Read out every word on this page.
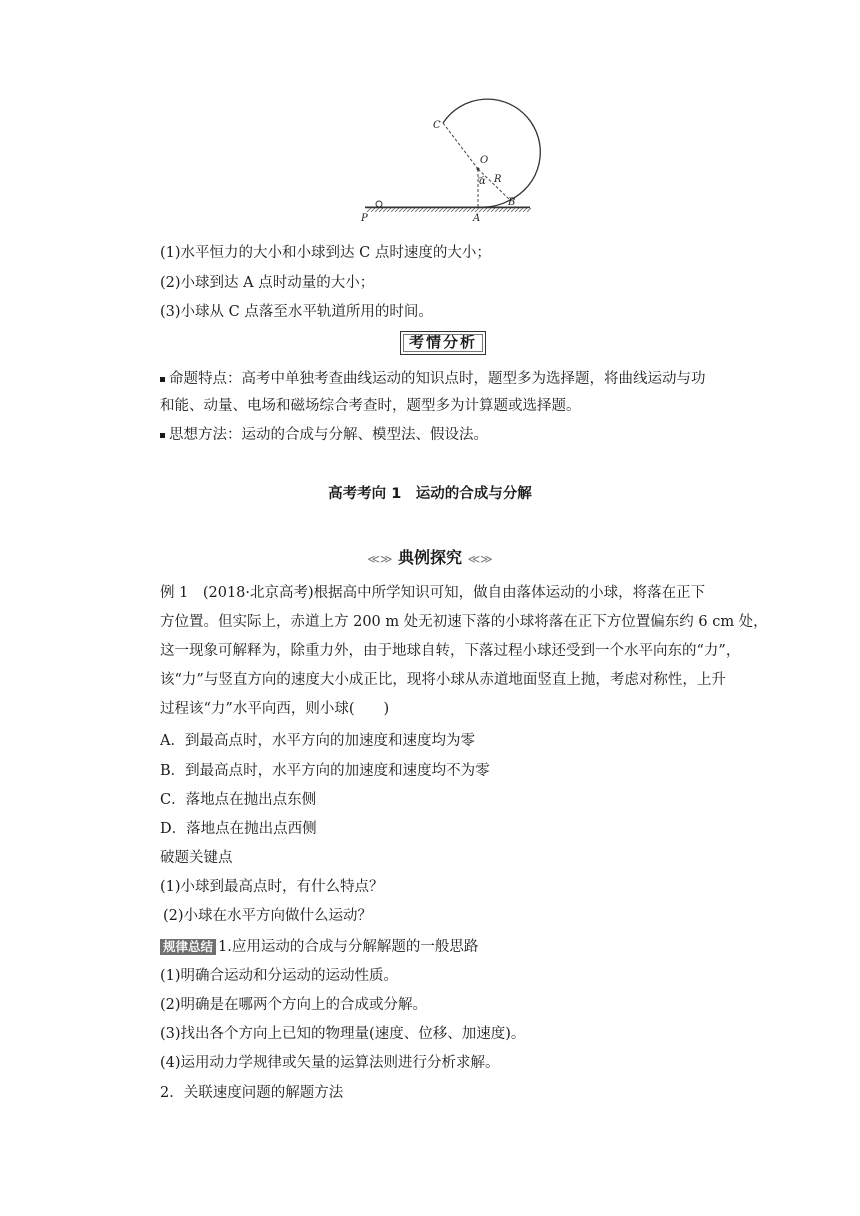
C
O
α R
B
P	A
(1)水平恒力的大小和小球到达 C 点时速度的大小；
(2)小球到达 A 点时动量的大小；
(3)小球从 C 点落至水平轨道所用的时间。
考情分析
命题特点：高考中单独考查曲线运动的知识点时，题型多为选择题，将曲线运动与功
和能、动量、电场和磁场综合考查时，题型多为计算题或选择题。
思想方法：运动的合成与分解、模型法、假设法。
高考考向 1　运动的合成与分解
≪≫ 典例探究 ≪≫
例 1　(2018·北京高考)根据高中所学知识可知，做自由落体运动的小球，将落在正下
方位置。但实际上，赤道上方 200 m 处无初速下落的小球将落在正下方位置偏东约 6 cm 处，
这一现象可解释为，除重力外，由于地球自转，下落过程小球还受到一个水平向东的“力”，
该“力”与竖直方向的速度大小成正比，现将小球从赤道地面竖直上抛，考虑对称性，上升
过程该“力”水平向西，则小球(　　)
A．到最高点时，水平方向的加速度和速度均为零
B．到最高点时，水平方向的加速度和速度均不为零
C．落地点在抛出点东侧
D．落地点在抛出点西侧
破题关键点
(1)小球到最高点时，有什么特点？
(2)小球在水平方向做什么运动？
规律总结 1.应用运动的合成与分解解题的一般思路
(1)明确合运动和分运动的运动性质。
(2)明确是在哪两个方向上的合成或分解。
(3)找出各个方向上已知的物理量(速度、位移、加速度)。
(4)运用动力学规律或矢量的运算法则进行分析求解。
2．关联速度问题的解题方法
